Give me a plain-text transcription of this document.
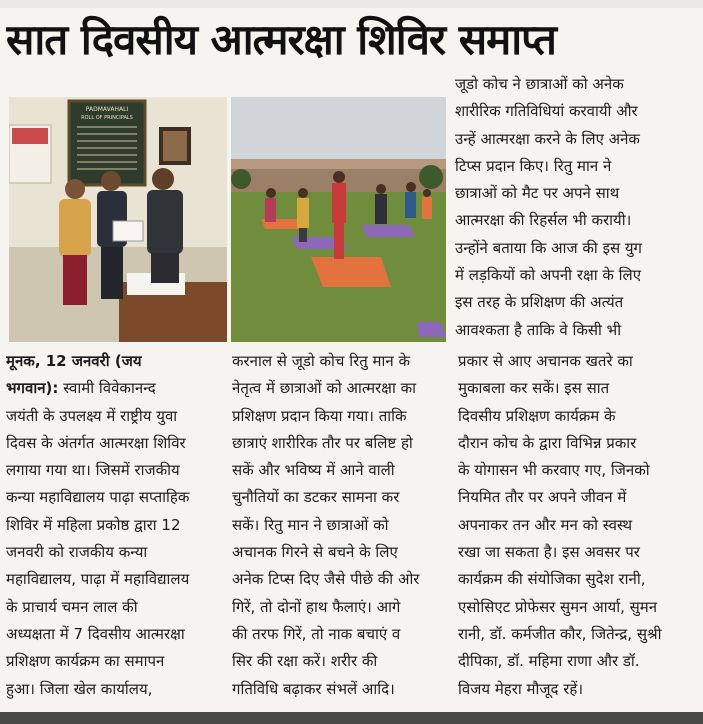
सात दिवसीय आत्मरक्षा शिविर समाप्त
PADMAVAHALI
ROLL OF PRINCIPALS
जूडो कोच ने छात्राओं को अनेक
शारीरिक गतिविधियां करवायी और
उन्हें आत्मरक्षा करने के लिए अनेक
टिप्स प्रदान किए। रितु मान ने
छात्राओं को मैट पर अपने साथ
आत्मरक्षा की रिहर्सल भी करायी।
उन्होंने बताया कि आज की इस युग
में लड़कियों को अपनी रक्षा के लिए
इस तरह के प्रशिक्षण की अत्यंत
आवश्कता है ताकि वे किसी भी
मूनक, 12 जनवरी (जय
भगवान): स्वामी विवेकानन्द
जयंती के उपलक्ष्य में राष्ट्रीय युवा
दिवस के अंतर्गत आत्मरक्षा शिविर
लगाया गया था। जिसमें राजकीय
कन्या महाविद्यालय पाढ़ा सप्ताहिक
शिविर में महिला प्रकोष्ठ द्वारा 12
जनवरी को राजकीय कन्या
महाविद्यालय, पाढ़ा में महाविद्यालय
के प्राचार्य चमन लाल की
अध्यक्षता में 7 दिवसीय आत्मरक्षा
प्रशिक्षण कार्यक्रम का समापन
हुआ। जिला खेल कार्यालय,
करनाल से जूडो कोच रितु मान के
नेतृत्व में छात्राओं को आत्मरक्षा का
प्रशिक्षण प्रदान किया गया। ताकि
छात्राएं शारीरिक तौर पर बलिष्ट हो
सकें और भविष्य में आने वाली
चुनौतियों का डटकर सामना कर
सकें। रितु मान ने छात्राओं को
अचानक गिरने से बचने के लिए
अनेक टिप्स दिए जैसे पीछे की ओर
गिरें, तो दोनों हाथ फैलाएं। आगे
की तरफ गिरें, तो नाक बचाएं व
सिर की रक्षा करें। शरीर की
गतिविधि बढ़ाकर संभलें आदि।
प्रकार से आए अचानक खतरे का
मुकाबला कर सकें। इस सात
दिवसीय प्रशिक्षण कार्यक्रम के
दौरान कोच के द्वारा विभिन्न प्रकार
के योगासन भी करवाए गए, जिनको
नियमित तौर पर अपने जीवन में
अपनाकर तन और मन को स्वस्थ
रखा जा सकता है। इस अवसर पर
कार्यक्रम की संयोजिका सुदेश रानी,
एसोसिएट प्रोफेसर सुमन आर्या, सुमन
रानी, डॉ. कर्मजीत कौर, जितेन्द्र, सुश्री
दीपिका, डॉ. महिमा राणा और डॉ.
विजय मेहरा मौजूद रहें।
